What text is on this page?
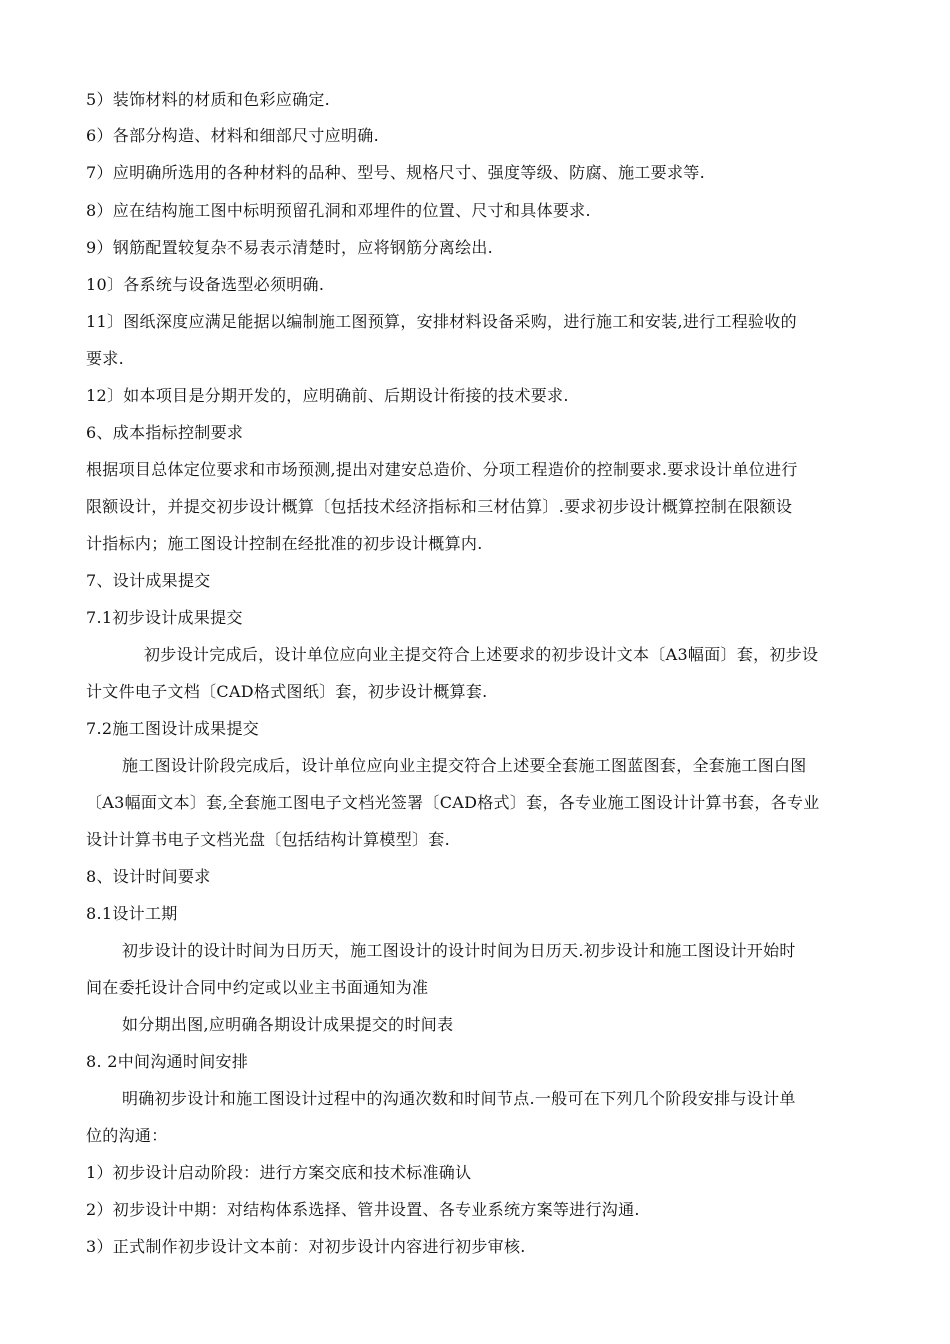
5）装饰材料的材质和色彩应确定.
6）各部分构造、材料和细部尺寸应明确.
7）应明确所选用的各种材料的品种、型号、规格尺寸、强度等级、防腐、施工要求等.
8）应在结构施工图中标明预留孔洞和邓埋件的位置、尺寸和具体要求.
9）钢筋配置较复杂不易表示清楚时，应将钢筋分离绘出.
10〕各系统与设备选型必须明确.
11〕图纸深度应满足能据以编制施工图预算，安排材料设备采购，进行施工和安装,进行工程验收的
要求.
12〕如本项目是分期开发的，应明确前、后期设计衔接的技术要求.
6、成本指标控制要求
根据项目总体定位要求和市场预测,提出对建安总造价、分项工程造价的控制要求.要求设计单位进行
限额设计，并提交初步设计概算〔包括技术经济指标和三材估算〕.要求初步设计概算控制在限额设
计指标内；施工图设计控制在经批准的初步设计概算内.
7、设计成果提交
7.1初步设计成果提交
初步设计完成后，设计单位应向业主提交符合上述要求的初步设计文本〔A3幅面〕套，初步设
计文件电子文档〔CAD格式图纸〕套，初步设计概算套.
7.2施工图设计成果提交
施工图设计阶段完成后，设计单位应向业主提交符合上述要全套施工图蓝图套，全套施工图白图
〔A3幅面文本〕套,全套施工图电子文档光签署〔CAD格式〕套，各专业施工图设计计算书套，各专业
设计计算书电子文档光盘〔包括结构计算模型〕套.
8、设计时间要求
8.1设计工期
初步设计的设计时间为日历天，施工图设计的设计时间为日历天.初步设计和施工图设计开始时
间在委托设计合同中约定或以业主书面通知为准
如分期出图,应明确各期设计成果提交的时间表
8. 2中间沟通时间安排
明确初步设计和施工图设计过程中的沟通次数和时间节点.一般可在下列几个阶段安排与设计单
位的沟通：
1）初步设计启动阶段：进行方案交底和技术标准确认
2）初步设计中期：对结构体系选择、管井设置、各专业系统方案等进行沟通.
3）正式制作初步设计文本前：对初步设计内容进行初步审核.
